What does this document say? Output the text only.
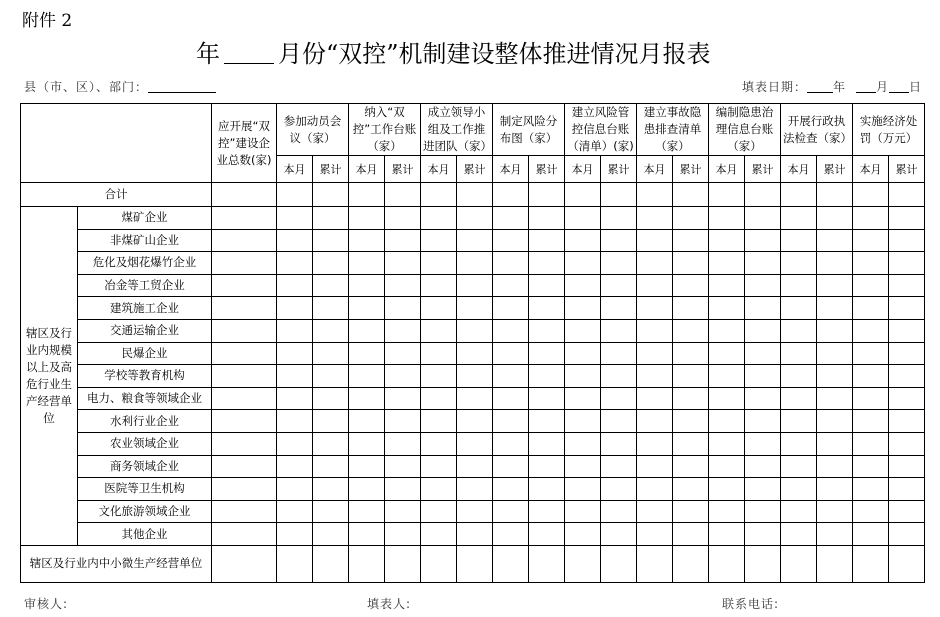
附件 2
年 月份“双控”机制建设整体推进情况月报表
县（市、区）、部门：	填表日期： 年	月 日
		应开展“双控”建设企业总数(家)	参加动员会议（家）		纳入“双控”工作台账（家）		成立领导小组及工作推进团队（家）		制定风险分布图（家）		建立风险管控信息台账（清单）(家)		建立事故隐患排查清单（家）		编制隐患治理信息台账（家）		开展行政执法检查（家）		实施经济处罚（万元）	
			本月	累计	本月	累计	本月	累计	本月	累计	本月	累计	本月	累计	本月	累计	本月	累计	本月	累计
合计																				
辖区及行业内规模以上及高危行业生产经营单位	煤矿企业																			
	非煤矿山企业																			
	危化及烟花爆竹企业																			
	冶金等工贸企业																			
	建筑施工企业																			
	交通运输企业																			
	民爆企业																			
	学校等教育机构																			
	电力、粮食等领域企业																			
	水利行业企业																			
	农业领域企业																			
	商务领域企业																			
	医院等卫生机构																			
	文化旅游领域企业																			
	其他企业																			
辖区及行业内中小微生产经营单位																				
审核人:	填表人:	联系电话:
